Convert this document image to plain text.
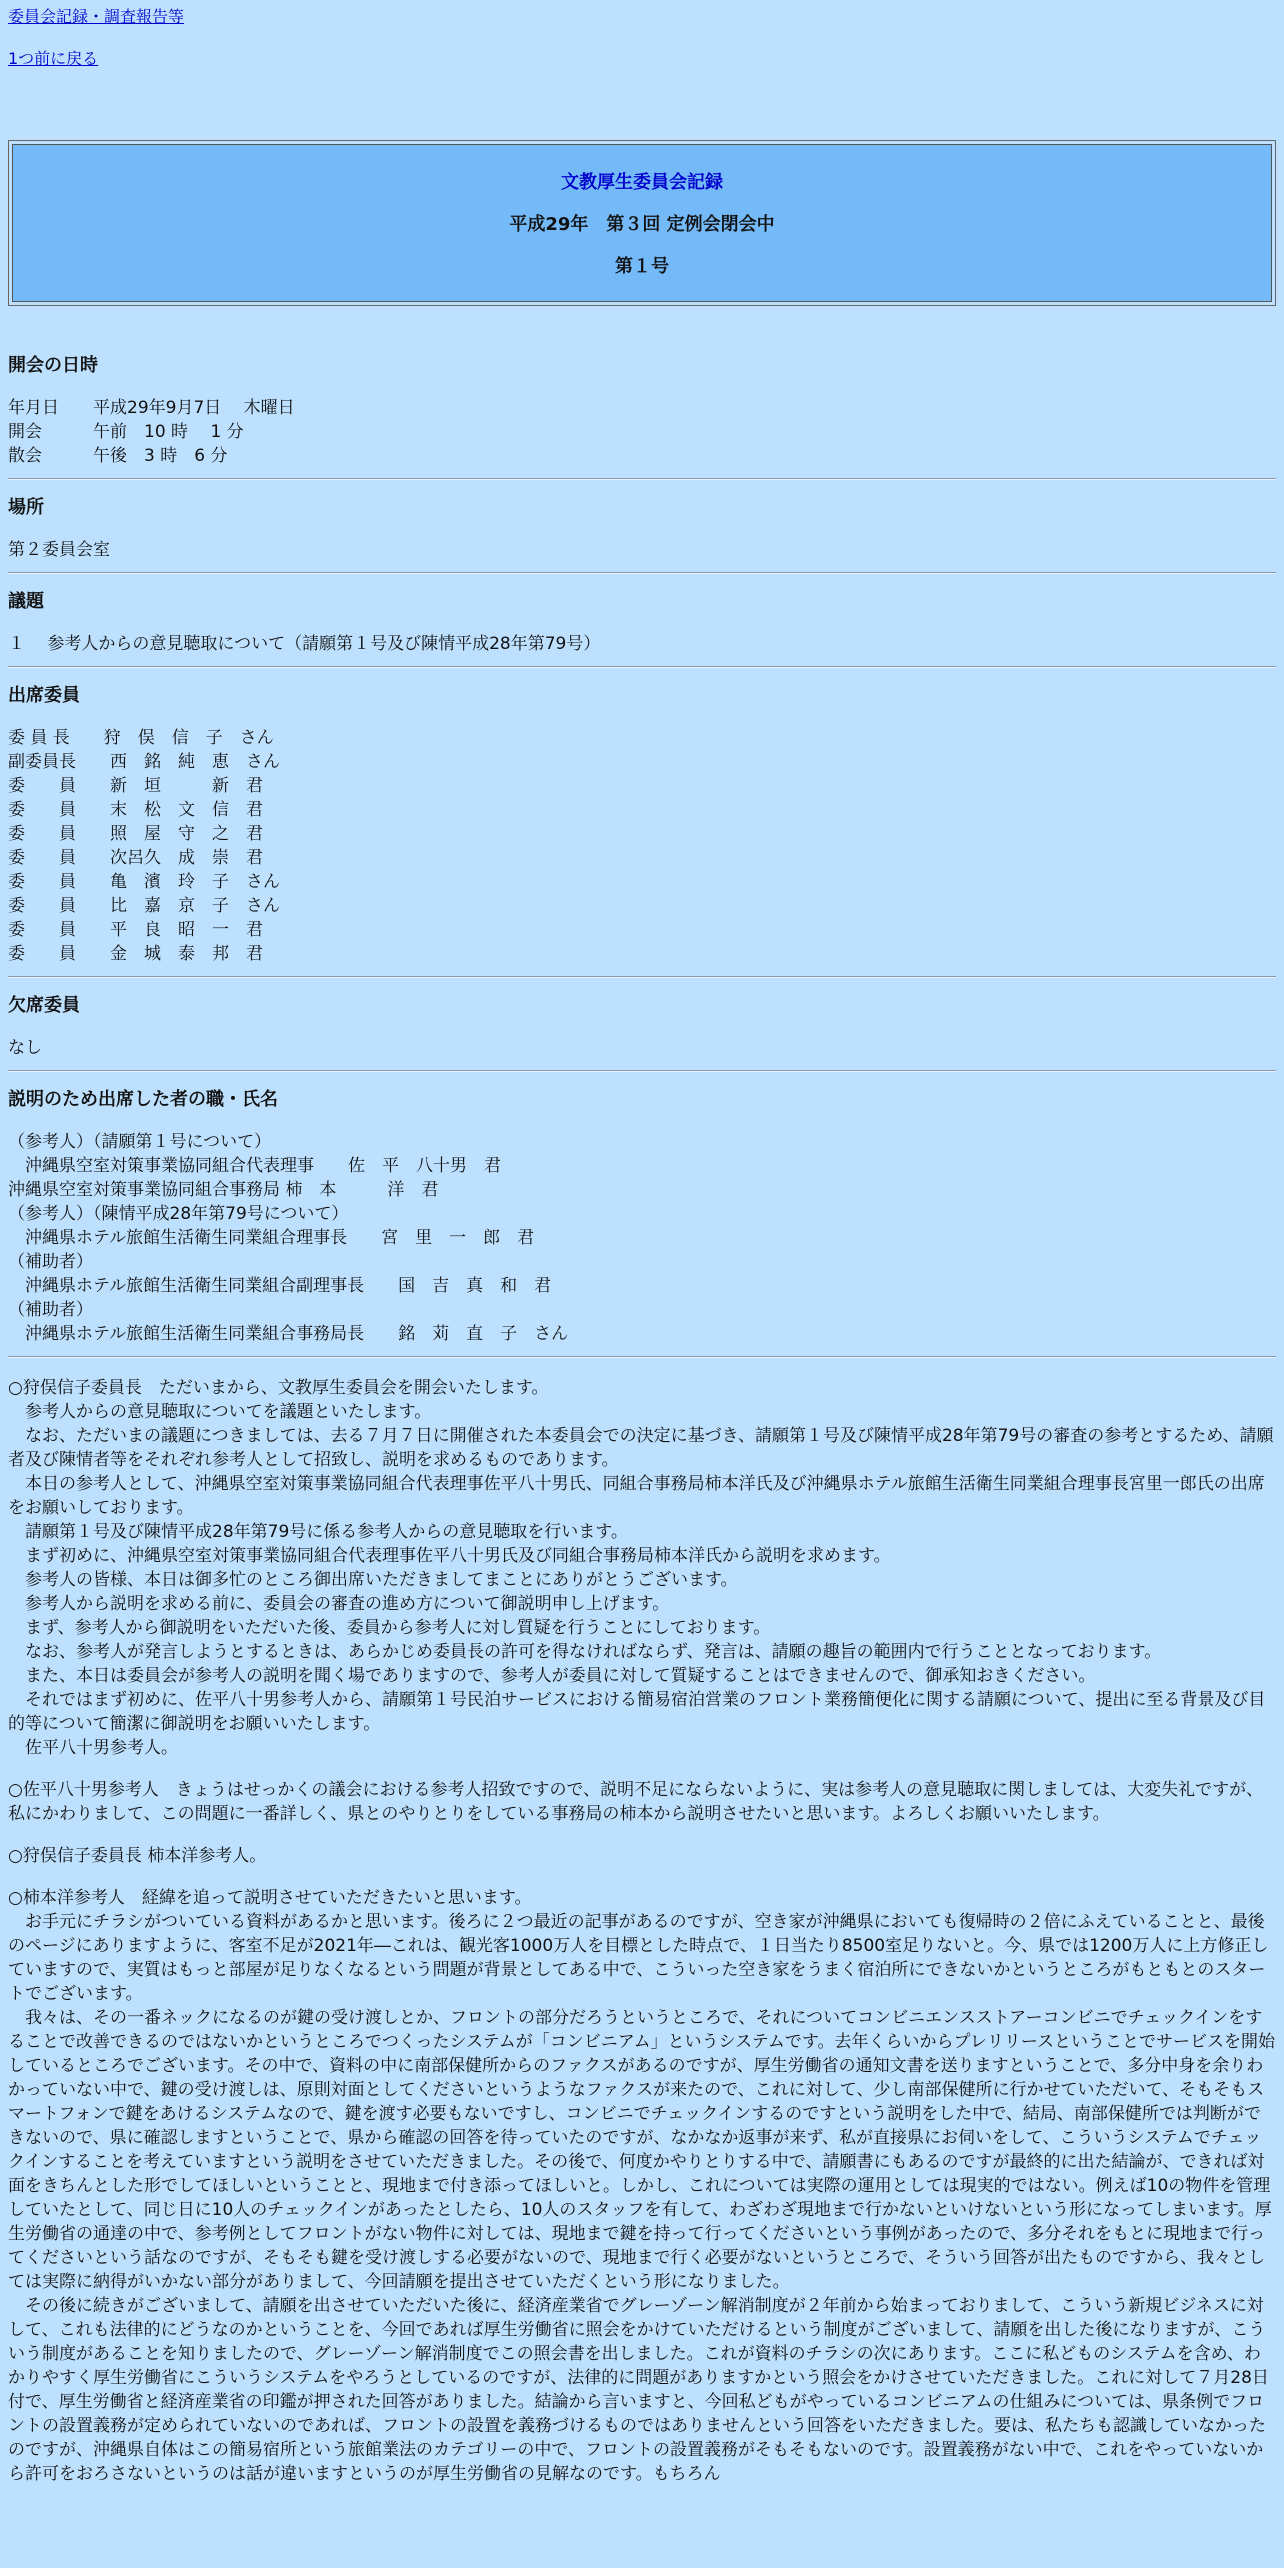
委員会記録・調査報告等
1つ前に戻る
文教厚生委員会記録
平成29年　第３回 定例会閉会中
第１号
開会の日時
年月日　　平成29年9月7日　 木曜日
開会　　　午前　10 時　 1 分
散会　　　午後　3 時　6 分
場所
第２委員会室
議題
１　 参考人からの意見聴取について（請願第１号及び陳情平成28年第79号）
出席委員
委 員 長　　狩　俣　信　子　さん
副委員長　　西　銘　純　恵　さん
委　　員　　新　垣　　　新　君
委　　員　　末　松　文　信　君
委　　員　　照　屋　守　之　君
委　　員　　次呂久　成　崇　君
委　　員　　亀　濱　玲　子　さん
委　　員　　比　嘉　京　子　さん
委　　員　　平　良　昭　一　君
委　　員　　金　城　泰　邦　君
欠席委員
なし
説明のため出席した者の職・氏名
（参考人）（請願第１号について）
　沖縄県空室対策事業協同組合代表理事　　佐　平　八十男　君
沖縄県空室対策事業協同組合事務局 柿　本　　　洋　君
（参考人）（陳情平成28年第79号について）
　沖縄県ホテル旅館生活衛生同業組合理事長　　宮　里　一　郎　君
（補助者）
　沖縄県ホテル旅館生活衛生同業組合副理事長　　国　吉　真　和　君
（補助者）
　沖縄県ホテル旅館生活衛生同業組合事務局長　　銘　苅　直　子　さん

○狩俣信子委員長　ただいまから、文教厚生委員会を開会いたします。

　参考人からの意見聴取についてを議題といたします。

　なお、ただいまの議題につきましては、去る７月７日に開催された本委員会での決定に基づき、請願第１号及び陳情平成28年第79号の審査の参考とするため、請願者及び陳情者等をそれぞれ参考人として招致し、説明を求めるものであります。

　本日の参考人として、沖縄県空室対策事業協同組合代表理事佐平八十男氏、同組合事務局柿本洋氏及び沖縄県ホテル旅館生活衛生同業組合理事長宮里一郎氏の出席をお願いしております。

　請願第１号及び陳情平成28年第79号に係る参考人からの意見聴取を行います。

　まず初めに、沖縄県空室対策事業協同組合代表理事佐平八十男氏及び同組合事務局柿本洋氏から説明を求めます。

　参考人の皆様、本日は御多忙のところ御出席いただきましてまことにありがとうございます。

　参考人から説明を求める前に、委員会の審査の進め方について御説明申し上げます。

　まず、参考人から御説明をいただいた後、委員から参考人に対し質疑を行うことにしております。

　なお、参考人が発言しようとするときは、あらかじめ委員長の許可を得なければならず、発言は、請願の趣旨の範囲内で行うこととなっております。

　また、本日は委員会が参考人の説明を聞く場でありますので、参考人が委員に対して質疑することはできませんので、御承知おきください。

　それではまず初めに、佐平八十男参考人から、請願第１号民泊サービスにおける簡易宿泊営業のフロント業務簡便化に関する請願について、提出に至る背景及び目的等について簡潔に御説明をお願いいたします。

　佐平八十男参考人。

○佐平八十男参考人　きょうはせっかくの議会における参考人招致ですので、説明不足にならないように、実は参考人の意見聴取に関しましては、大変失礼ですが、私にかわりまして、この問題に一番詳しく、県とのやりとりをしている事務局の柿本から説明させたいと思います。よろしくお願いいたします。

○狩俣信子委員長 柿本洋参考人。

○柿本洋参考人　経緯を追って説明させていただきたいと思います。

　お手元にチラシがついている資料があるかと思います。後ろに２つ最近の記事があるのですが、空き家が沖縄県においても復帰時の２倍にふえていることと、最後のページにありますように、客室不足が2021年―これは、観光客1000万人を目標とした時点で、１日当たり8500室足りないと。今、県では1200万人に上方修正していますので、実質はもっと部屋が足りなくなるという問題が背景としてある中で、こういった空き家をうまく宿泊所にできないかというところがもともとのスタートでございます。

　我々は、その一番ネックになるのが鍵の受け渡しとか、フロントの部分だろうというところで、それについてコンビニエンスストアーコンビニでチェックインをすることで改善できるのではないかというところでつくったシステムが「コンビニアム」というシステムです。去年くらいからプレリリースということでサービスを開始しているところでございます。その中で、資料の中に南部保健所からのファクスがあるのですが、厚生労働省の通知文書を送りますということで、多分中身を余りわかっていない中で、鍵の受け渡しは、原則対面としてくださいというようなファクスが来たので、これに対して、少し南部保健所に行かせていただいて、そもそもスマートフォンで鍵をあけるシステムなので、鍵を渡す必要もないですし、コンビニでチェックインするのですという説明をした中で、結局、南部保健所では判断ができないので、県に確認しますということで、県から確認の回答を待っていたのですが、なかなか返事が来ず、私が直接県にお伺いをして、こういうシステムでチェックインすることを考えていますという説明をさせていただきました。その後で、何度かやりとりする中で、請願書にもあるのですが最終的に出た結論が、できれば対面をきちんとした形でしてほしいということと、現地まで付き添ってほしいと。しかし、これについては実際の運用としては現実的ではない。例えば10の物件を管理していたとして、同じ日に10人のチェックインがあったとしたら、10人のスタッフを有して、わざわざ現地まで行かないといけないという形になってしまいます。厚生労働省の通達の中で、参考例としてフロントがない物件に対しては、現地まで鍵を持って行ってくださいという事例があったので、多分それをもとに現地まで行ってくださいという話なのですが、そもそも鍵を受け渡しする必要がないので、現地まで行く必要がないというところで、そういう回答が出たものですから、我々としては実際に納得がいかない部分がありまして、今回請願を提出させていただくという形になりました。

　その後に続きがございまして、請願を出させていただいた後に、経済産業省でグレーゾーン解消制度が２年前から始まっておりまして、こういう新規ビジネスに対して、これも法律的にどうなのかということを、今回であれば厚生労働省に照会をかけていただけるという制度がございまして、請願を出した後になりますが、こういう制度があることを知りましたので、グレーゾーン解消制度でこの照会書を出しました。これが資料のチラシの次にあります。ここに私どものシステムを含め、わかりやすく厚生労働省にこういうシステムをやろうとしているのですが、法律的に問題がありますかという照会をかけさせていただきました。これに対して７月28日付で、厚生労働省と経済産業省の印鑑が押された回答がありました。結論から言いますと、今回私どもがやっているコンビニアムの仕組みについては、県条例でフロントの設置義務が定められていないのであれば、フロントの設置を義務づけるものではありませんという回答をいただきました。要は、私たちも認識していなかったのですが、沖縄県自体はこの簡易宿所という旅館業法のカテゴリーの中で、フロントの設置義務がそもそもないのです。設置義務がない中で、これをやっていないから許可をおろさないというのは話が違いますというのが厚生労働省の見解なのです。もちろん
